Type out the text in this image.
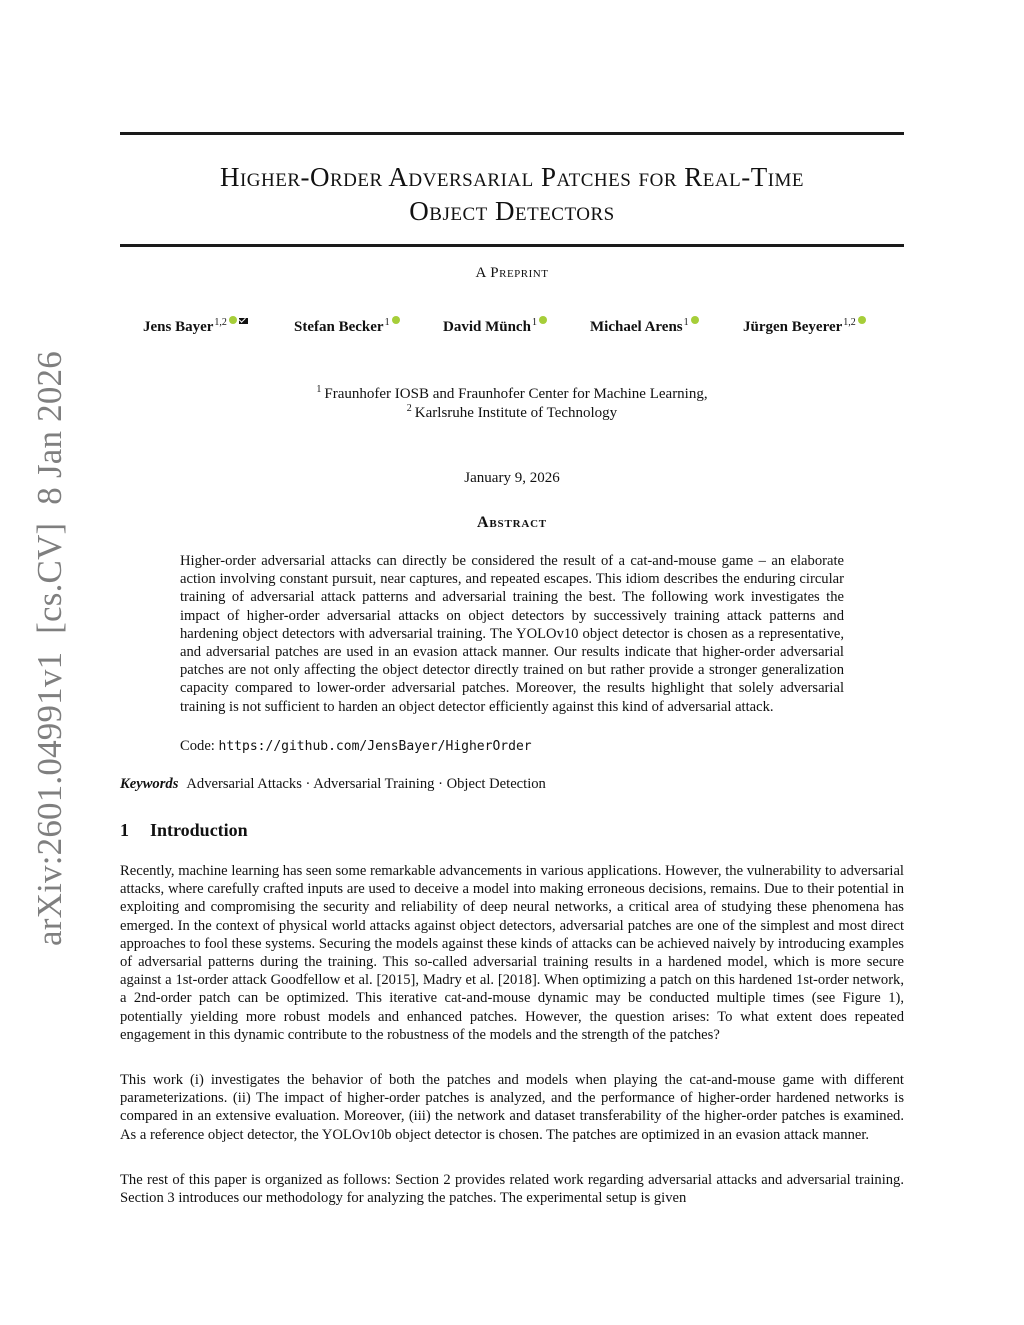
arXiv:2601.04991v1  [cs.CV]  8 Jan 2026
Higher-Order Adversarial Patches for Real-Time
Object Detectors
A Preprint
Jens Bayer$^{1,2}$	Stefan Becker$^1$	David Münch$^1$	Michael Arens$^1$	Jürgen Beyerer$^{1,2}$
$^1$ Fraunhofer IOSB and Fraunhofer Center for Machine Learning,
$^2$ Karlsruhe Institute of Technology
January 9, 2026
Abstract

Higher-order adversarial attacks can directly be considered the result of a cat-and-mouse game – an elaborate action involving constant pursuit, near captures, and repeated escapes. This idiom describes the enduring circular training of adversarial attack patterns and adversarial training the best. The following work investigates the impact of higher-order adversarial attacks on object detectors by successively training attack patterns and hardening object detectors with adversarial training. The YOLOv10 object detector is chosen as a representative, and adversarial patches are used in an evasion attack manner. Our results indicate that higher-order adversarial patches are not only affecting the object detector directly trained on but rather provide a stronger generalization capacity compared to lower-order adversarial patches. Moreover, the results highlight that solely adversarial training is not sufficient to harden an object detector efficiently against this kind of adversarial attack.

Code: https://github.com/JensBayer/HigherOrder
Keywords Adversarial Attacks · Adversarial Training · Object Detection
1 Introduction

Recently, machine learning has seen some remarkable advancements in various applications. However, the vulnerability to adversarial attacks, where carefully crafted inputs are used to deceive a model into making erroneous decisions, remains. Due to their potential in exploiting and compromising the security and reliability of deep neural networks, a critical area of studying these phenomena has emerged. In the context of physical world attacks against object detectors, adversarial patches are one of the simplest and most direct approaches to fool these systems. Securing the models against these kinds of attacks can be achieved naively by introducing examples of adversarial patterns during the training. This so-called adversarial training results in a hardened model, which is more secure against a 1st-order attack Goodfellow et al. [2015], Madry et al. [2018]. When optimizing a patch on this hardened 1st-order network, a 2nd-order patch can be optimized. This iterative cat-and-mouse dynamic may be conducted multiple times (see Figure 1), potentially yielding more robust models and enhanced patches. However, the question arises: To what extent does repeated engagement in this dynamic contribute to the robustness of the models and the strength of the patches?

This work (i) investigates the behavior of both the patches and models when playing the cat-and-mouse game with different parameterizations. (ii) The impact of higher-order patches is analyzed, and the performance of higher-order hardened networks is compared in an extensive evaluation. Moreover, (iii) the network and dataset transferability of the higher-order patches is examined. As a reference object detector, the YOLOv10b object detector is chosen. The patches are optimized in an evasion attack manner.

The rest of this paper is organized as follows: Section 2 provides related work regarding adversarial attacks and adversarial training. Section 3 introduces our methodology for analyzing the patches. The experimental setup is given
